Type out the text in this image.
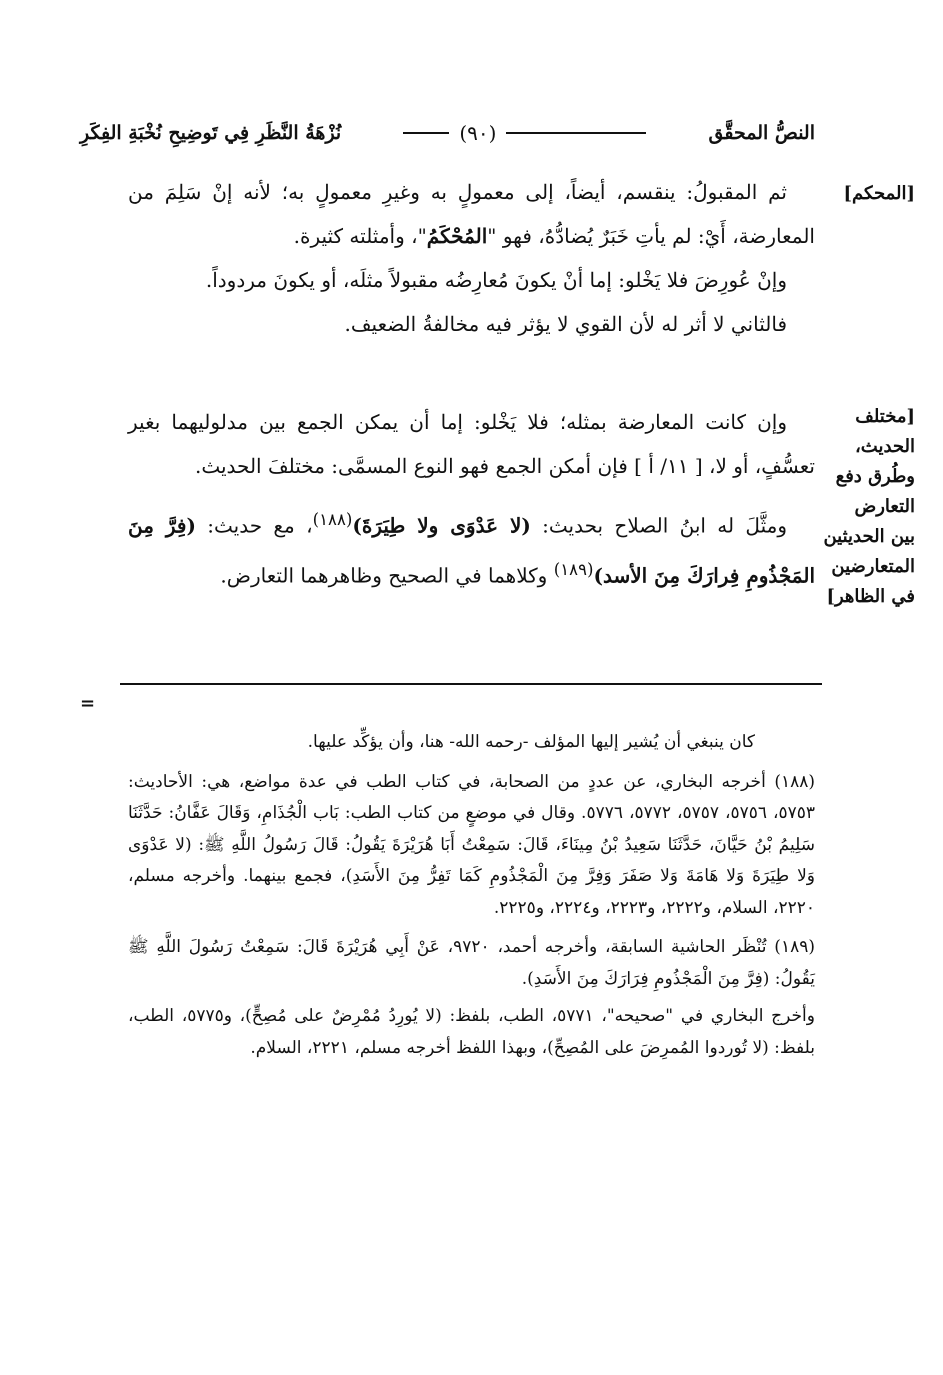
النصُّ المحقَّق
(٩٠)
نُزْهَةُ النَّظَرِ فِي تَوضِيحِ نُخْبَةِ الفِكَرِ
[المحكم]
[مختلف
الحديث،
وطُرق دفع
التعارض
بين الحديثين
المتعارضين
في الظاهر]

ثم المقبولُ: ينقسم، أيضاً، إلى معمولٍ به وغيرِ معمولٍ به؛ لأنه إنْ سَلِمَ من المعارضة، أَيْ: لم يأتِ خَبَرٌ يُضادُّهُ، فهو "المُحْكَمُ"، وأمثلته كثيرة.

وإنْ عُورِضَ فلا يَخْلو: إما أنْ يكونَ مُعارِضُه مقبولاً مثلَه، أو يكونَ مردوداً.

فالثاني لا أثر له لأن القوي لا يؤثر فيه مخالفةُ الضعيف.

وإن كانت المعارضة بمثله؛ فلا يَخْلو: إما أن يمكن الجمع بين مدلوليهما بغير تعسُّفٍ، أو لا، [ ١١/ أ ] فإن أمكن الجمع فهو النوع المسمَّى: مختلفَ الحديث.

ومثَّلَ له ابنُ الصلاح بحديث: (لا عَدْوَى ولا طِيَرَةَ)$^{(١٨٨)}$، مع حديث: (فِرَّ مِنَ المَجْذُومِ فِرارَكَ مِنَ الأسد)$^{(١٨٩)}$ وكلاهما في الصحيح وظاهرهما التعارض.

=

كان ينبغي أن يُشير إليها المؤلف -رحمه الله- هنا، وأن يؤكِّد عليها.

(١٨٨) أخرجه البخاري، عن عددٍ من الصحابة، في كتاب الطب في عدة مواضع، هي: الأحاديث: ٥٧٥٣، ٥٧٥٦، ٥٧٥٧، ٥٧٧٢، ٥٧٧٦. وقال في موضعٍ من كتاب الطب: بَاب الْجُذَامِ، وَقَالَ عَفَّانُ: حَدَّثَنَا سَلِيمُ بْنُ حَيَّانَ، حَدَّثَنَا سَعِيدُ بْنُ مِينَاءَ، قَالَ: سَمِعْتُ أَبَا هُرَيْرَةَ يَقُولُ: قَالَ رَسُولُ اللَّهِ ﷺ: (لا عَدْوَى وَلا طِيَرَةَ وَلا هَامَةَ وَلا صَفَرَ وَفِرَّ مِنَ الْمَجْذُومِ كَمَا تَفِرُّ مِنَ الأَسَدِ)، فجمع بينهما. وأخرجه مسلم، ٢٢٢٠، السلام، و٢٢٢٢، و٢٢٢٣، و٢٢٢٤، و٢٢٢٥.

(١٨٩) تُنْظَر الحاشية السابقة، وأخرجه أحمد، ٩٧٢٠، عَنْ أَبِي هُرَيْرَةَ قَالَ: سَمِعْتُ رَسُولَ اللَّهِ ﷺ يَقُولُ: (فِرَّ مِنَ الْمَجْذُومِ فِرَارَكَ مِنَ الأَسَدِ).

وأخرج البخاري في "صحيحه"، ٥٧٧١، الطب، بلفظ: (لا يُورِدُ مُمْرِضٌ على مُصِحٍّ)، و٥٧٧٥، الطب، بلفظ: (لا تُوردوا المُمرِضَ على المُصِحِّ)، وبهذا اللفظ أخرجه مسلم، ٢٢٢١، السلام.
